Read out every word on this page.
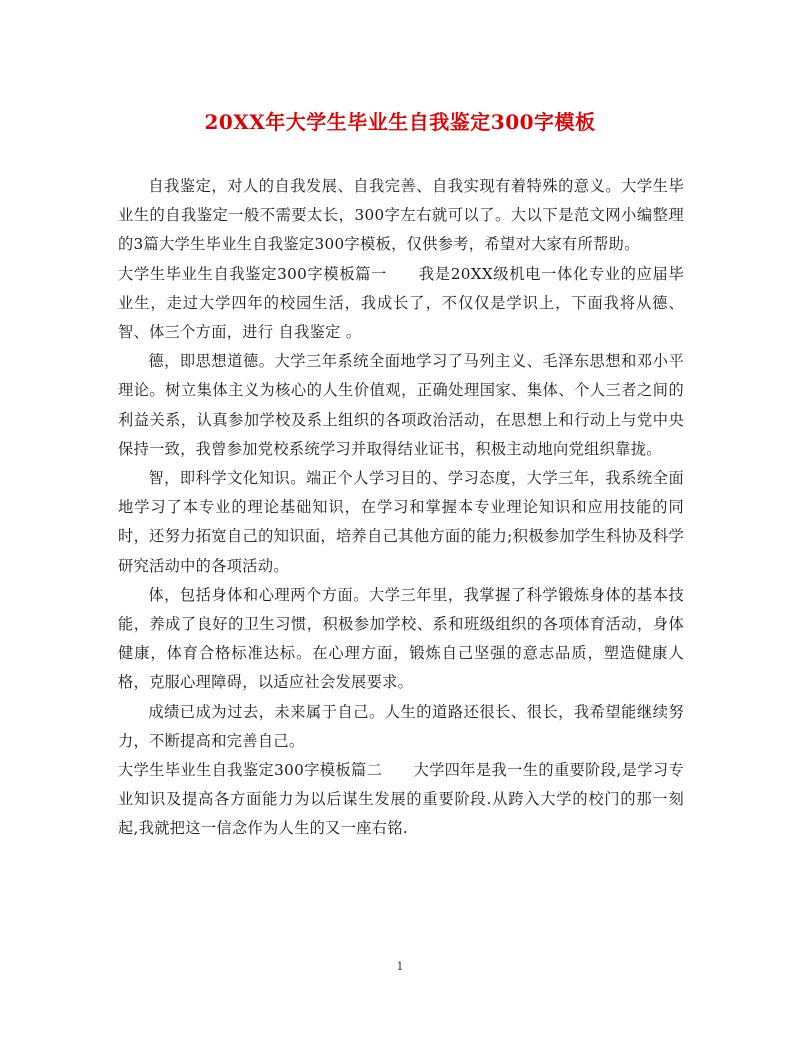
20XX年大学生毕业生自我鉴定300字模板

自我鉴定，对人的自我发展、自我完善、自我实现有着特殊的意义。大学生毕业生的自我鉴定一般不需要太长，300字左右就可以了。大以下是范文网小编整理的3篇大学生毕业生自我鉴定300字模板，仅供参考，希望对大家有所帮助。

大学生毕业生自我鉴定300字模板篇一　　我是20XX级机电一体化专业的应届毕业生，走过大学四年的校园生活，我成长了，不仅仅是学识上，下面我将从德、智、体三个方面，进行 自我鉴定 。

德，即思想道德。大学三年系统全面地学习了马列主义、毛泽东思想和邓小平理论。树立集体主义为核心的人生价值观，正确处理国家、集体、个人三者之间的利益关系，认真参加学校及系上组织的各项政治活动，在思想上和行动上与党中央保持一致，我曾参加党校系统学习并取得结业证书，积极主动地向党组织靠拢。

智，即科学文化知识。端正个人学习目的、学习态度，大学三年，我系统全面地学习了本专业的理论基础知识，在学习和掌握本专业理论知识和应用技能的同时，还努力拓宽自己的知识面，培养自己其他方面的能力;积极参加学生科协及科学研究活动中的各项活动。

体，包括身体和心理两个方面。大学三年里，我掌握了科学锻炼身体的基本技能，养成了良好的卫生习惯，积极参加学校、系和班级组织的各项体育活动，身体健康，体育合格标准达标。在心理方面，锻炼自己坚强的意志品质，塑造健康人格，克服心理障碍，以适应社会发展要求。

成绩已成为过去，未来属于自己。人生的道路还很长、很长，我希望能继续努力，不断提高和完善自己。

大学生毕业生自我鉴定300字模板篇二　　大学四年是我一生的重要阶段,是学习专业知识及提高各方面能力为以后谋生发展的重要阶段.从跨入大学的校门的那一刻起,我就把这一信念作为人生的又一座右铭.

1
